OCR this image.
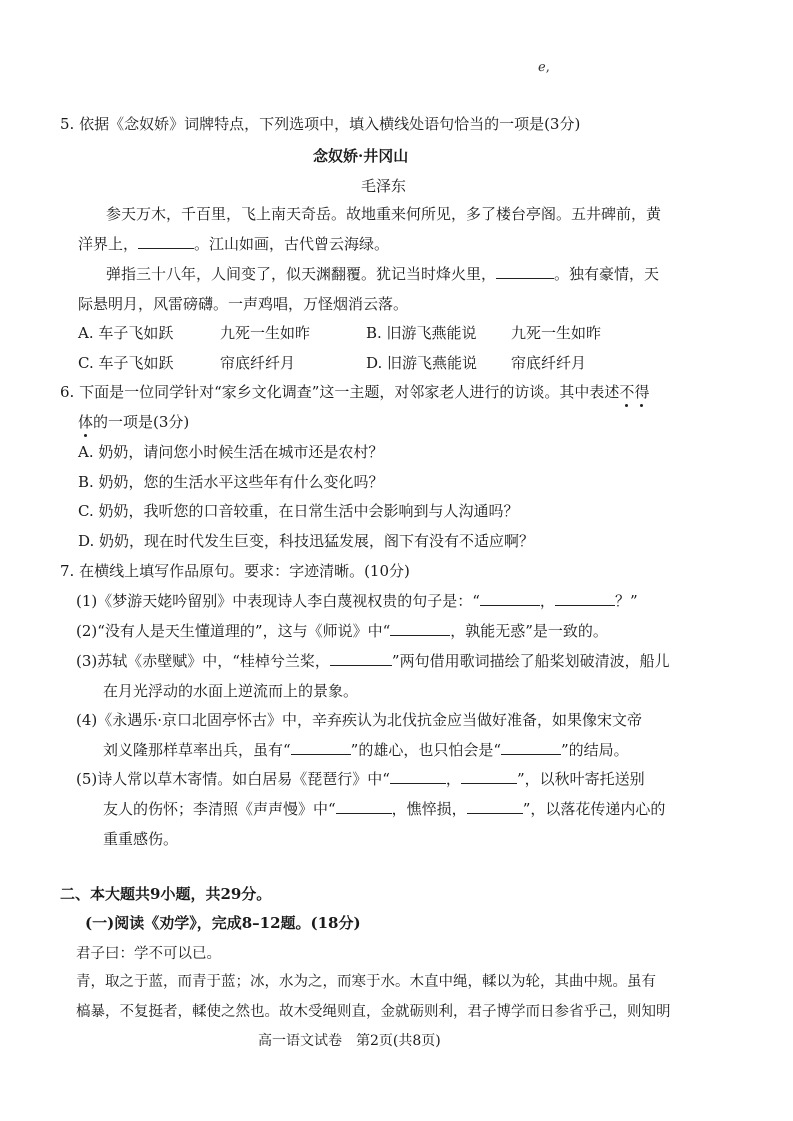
ℯ,
5. 依据《念奴娇》词牌特点，下列选项中，填入横线处语句恰当的一项是(3分)
念奴娇·井冈山
毛泽东
参天万木，千百里，飞上南天奇岳。故地重来何所见，多了楼台亭阁。五井碑前，黄
洋界上，	。江山如画，古代曾云海绿。
弹指三十八年，人间变了，似天渊翻覆。犹记当时烽火里，	。独有豪情，天
际悬明月，风雷磅礴。一声鸡唱，万怪烟消云落。
A. 车子飞如跃	九死一生如昨	B. 旧游飞燕能说 九死一生如昨
C. 车子飞如跃	帘底纤纤月	D. 旧游飞燕能说 帘底纤纤月
6. 下面是一位同学针对“家乡文化调查”这一主题，对邻家老人进行的访谈。其中表述不得
体的一项是(3分)
A. 奶奶，请问您小时候生活在城市还是农村？
B. 奶奶，您的生活水平这些年有什么变化吗？
C. 奶奶，我听您的口音较重，在日常生活中会影响到与人沟通吗？
D. 奶奶，现在时代发生巨变，科技迅猛发展，阁下有没有不适应啊？
7. 在横线上填写作品原句。要求：字迹清晰。(10分)
(1)《梦游天姥吟留别》中表现诗人李白蔑视权贵的句子是：“	，	？”
(2)“没有人是天生懂道理的”，这与《师说》中“	，孰能无惑”是一致的。
(3)苏轼《赤壁赋》中，“桂棹兮兰桨，	”两句借用歌词描绘了船桨划破清波，船儿
在月光浮动的水面上逆流而上的景象。
(4)《永遇乐·京口北固亭怀古》中，辛弃疾认为北伐抗金应当做好准备，如果像宋文帝
刘义隆那样草率出兵，虽有“	”的雄心，也只怕会是“	”的结局。
(5)诗人常以草木寄情。如白居易《琵琶行》中“	，	”，以秋叶寄托送别
友人的伤怀；李清照《声声慢》中“	，憔悴损，	”，以落花传递内心的
重重感伤。
二、本大题共9小题，共29分。
(一)阅读《劝学》，完成8–12题。(18分)
君子曰：学不可以已。
青，取之于蓝，而青于蓝；冰，水为之，而寒于水。木直中绳，輮以为轮，其曲中规。虽有
槁暴，不复挺者，輮使之然也。故木受绳则直，金就砺则利，君子博学而日参省乎己，则知明
高一语文试卷　第2页(共8页)
